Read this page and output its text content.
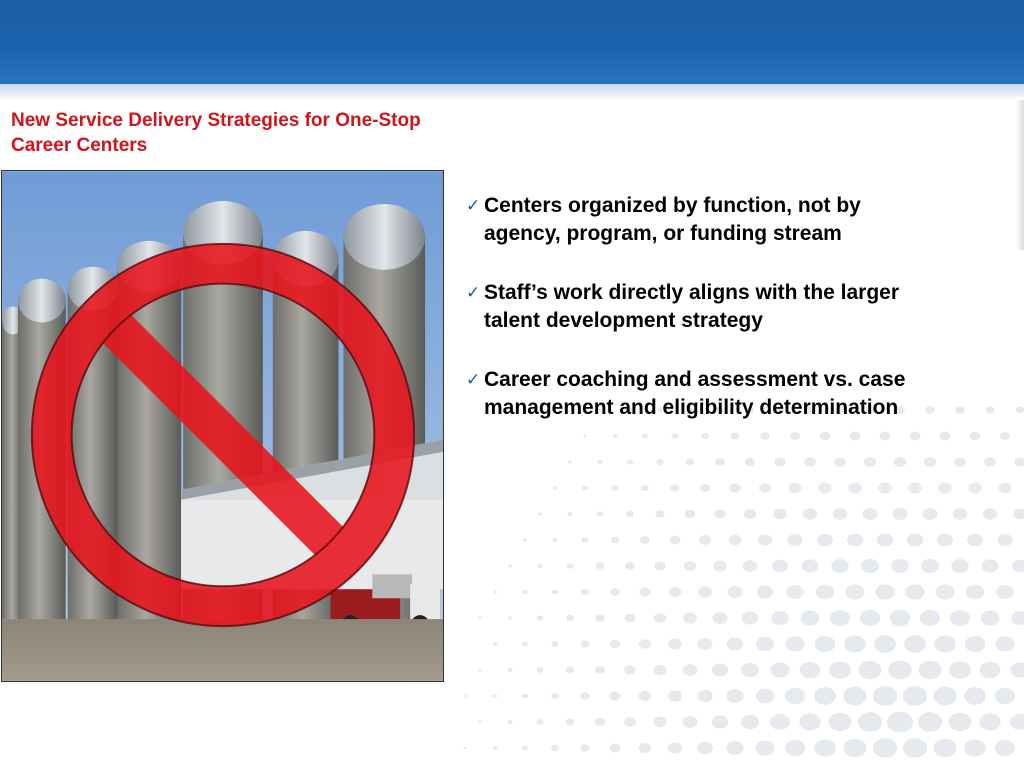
New Service Delivery Strategies for One-Stop
Career Centers
✓ Centers organized by function, not by
agency, program, or funding stream
✓ Staff’s work directly aligns with the larger
talent development strategy
✓ Career coaching and assessment vs. case
management and eligibility determination
